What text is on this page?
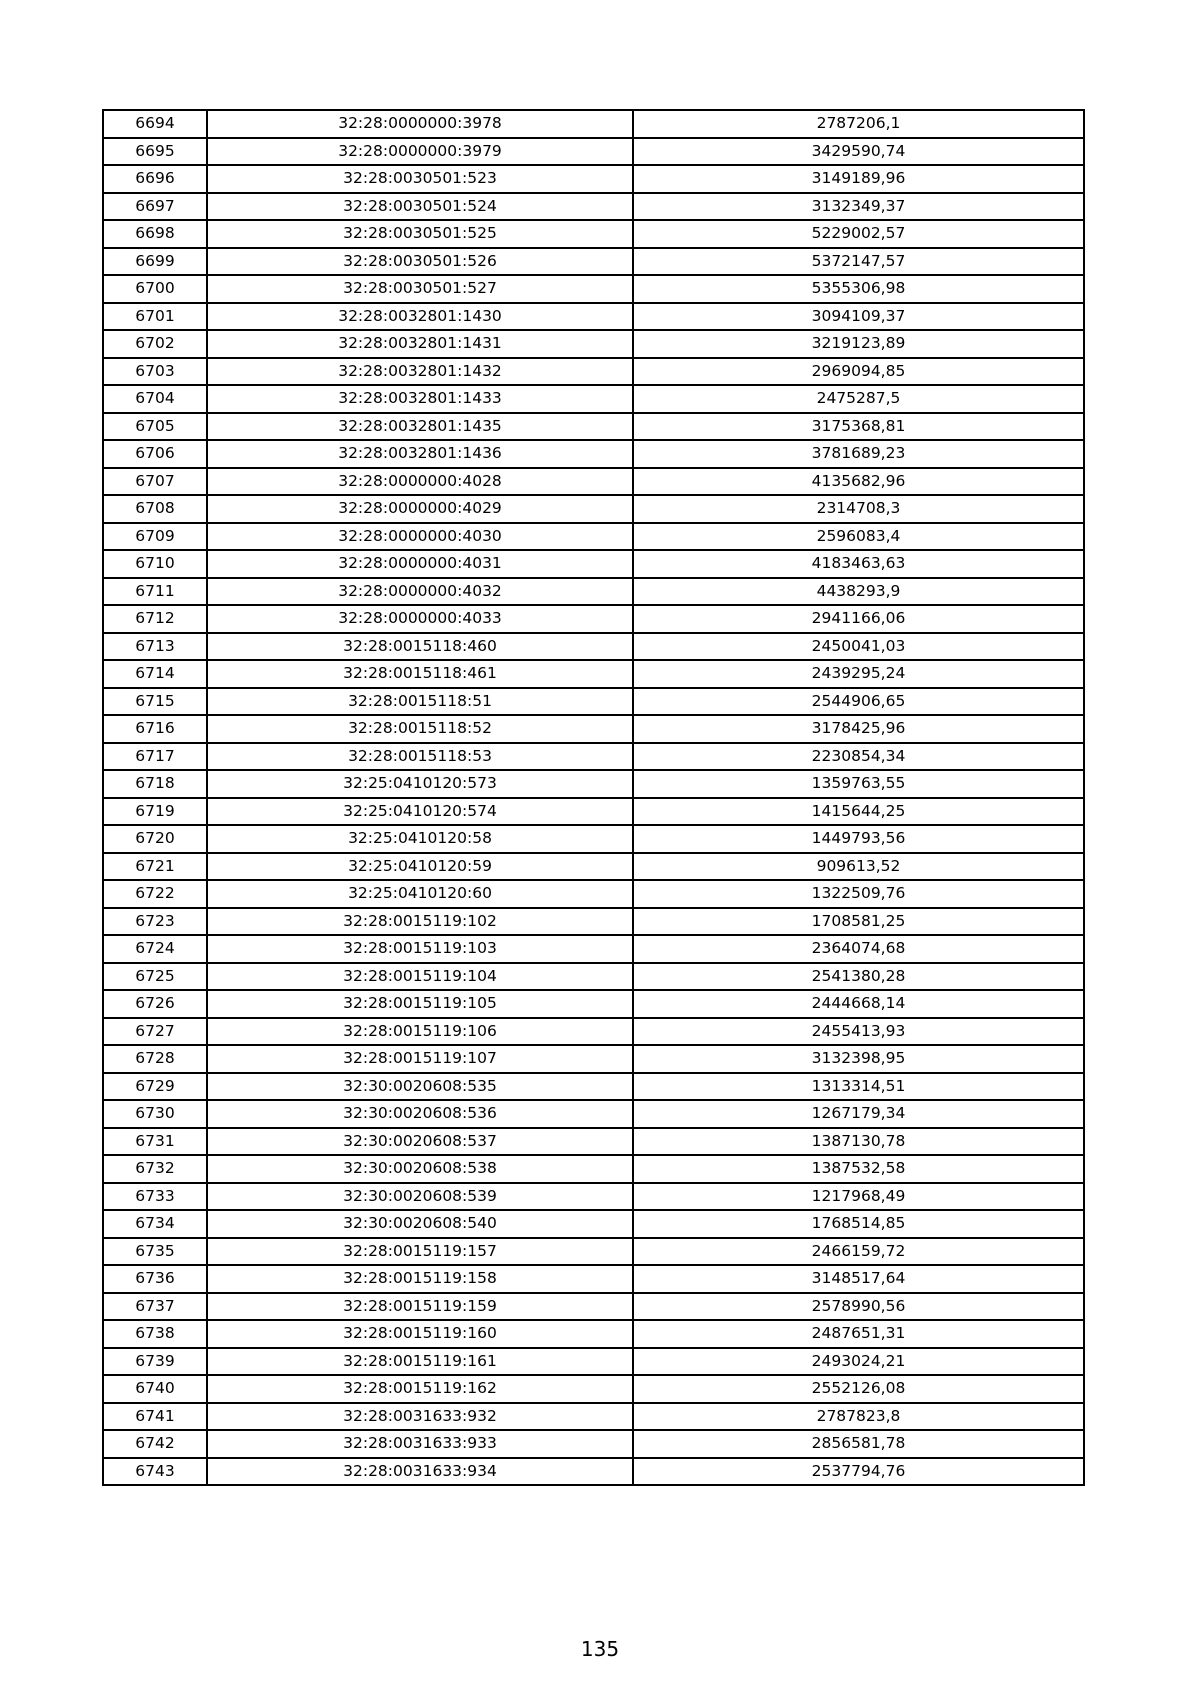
6694	32:28:0000000:3978	2787206,1
6695	32:28:0000000:3979	3429590,74
6696	32:28:0030501:523	3149189,96
6697	32:28:0030501:524	3132349,37
6698	32:28:0030501:525	5229002,57
6699	32:28:0030501:526	5372147,57
6700	32:28:0030501:527	5355306,98
6701	32:28:0032801:1430	3094109,37
6702	32:28:0032801:1431	3219123,89
6703	32:28:0032801:1432	2969094,85
6704	32:28:0032801:1433	2475287,5
6705	32:28:0032801:1435	3175368,81
6706	32:28:0032801:1436	3781689,23
6707	32:28:0000000:4028	4135682,96
6708	32:28:0000000:4029	2314708,3
6709	32:28:0000000:4030	2596083,4
6710	32:28:0000000:4031	4183463,63
6711	32:28:0000000:4032	4438293,9
6712	32:28:0000000:4033	2941166,06
6713	32:28:0015118:460	2450041,03
6714	32:28:0015118:461	2439295,24
6715	32:28:0015118:51	2544906,65
6716	32:28:0015118:52	3178425,96
6717	32:28:0015118:53	2230854,34
6718	32:25:0410120:573	1359763,55
6719	32:25:0410120:574	1415644,25
6720	32:25:0410120:58	1449793,56
6721	32:25:0410120:59	909613,52
6722	32:25:0410120:60	1322509,76
6723	32:28:0015119:102	1708581,25
6724	32:28:0015119:103	2364074,68
6725	32:28:0015119:104	2541380,28
6726	32:28:0015119:105	2444668,14
6727	32:28:0015119:106	2455413,93
6728	32:28:0015119:107	3132398,95
6729	32:30:0020608:535	1313314,51
6730	32:30:0020608:536	1267179,34
6731	32:30:0020608:537	1387130,78
6732	32:30:0020608:538	1387532,58
6733	32:30:0020608:539	1217968,49
6734	32:30:0020608:540	1768514,85
6735	32:28:0015119:157	2466159,72
6736	32:28:0015119:158	3148517,64
6737	32:28:0015119:159	2578990,56
6738	32:28:0015119:160	2487651,31
6739	32:28:0015119:161	2493024,21
6740	32:28:0015119:162	2552126,08
6741	32:28:0031633:932	2787823,8
6742	32:28:0031633:933	2856581,78
6743	32:28:0031633:934	2537794,76
135
